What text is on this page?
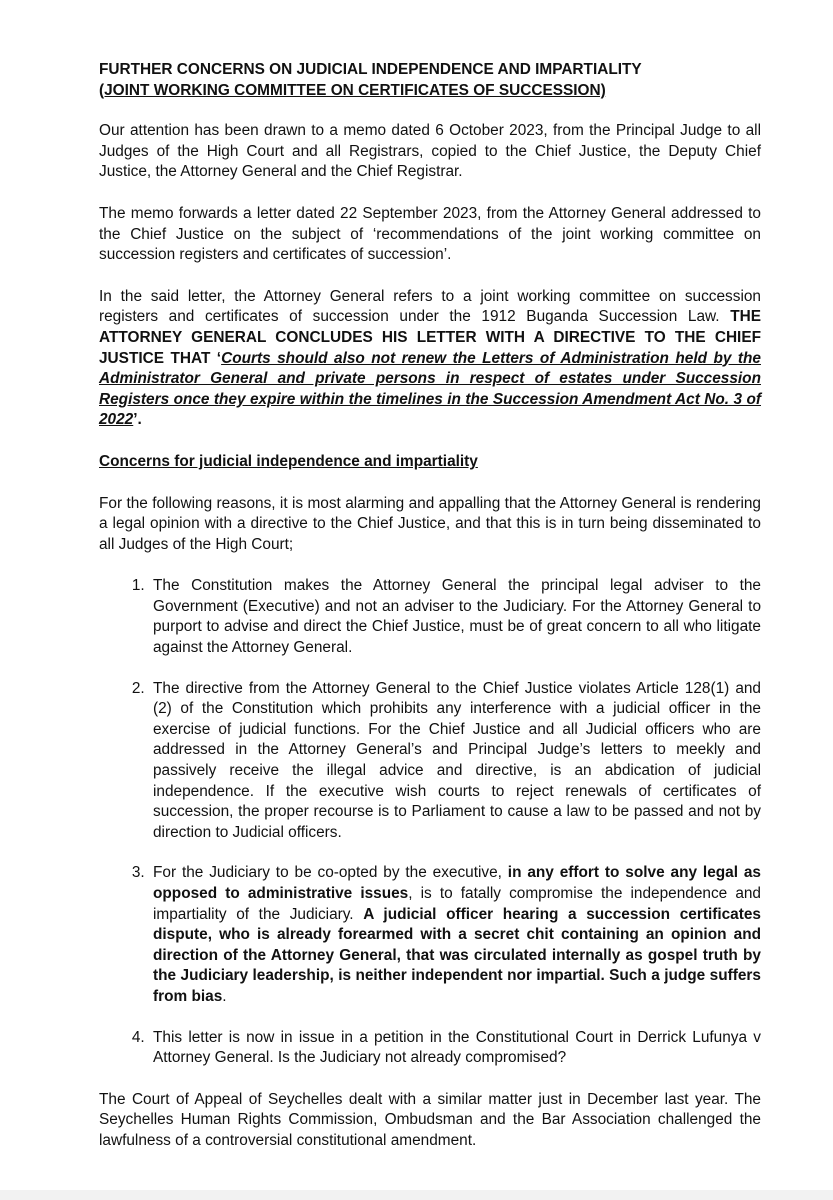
FURTHER CONCERNS ON JUDICIAL INDEPENDENCE AND IMPARTIALITY
(JOINT WORKING COMMITTEE ON CERTIFICATES OF SUCCESSION)

Our attention has been drawn to a memo dated 6 October 2023, from the Principal Judge to all Judges of the High Court and all Registrars, copied to the Chief Justice, the Deputy Chief Justice, the Attorney General and the Chief Registrar.

The memo forwards a letter dated 22 September 2023, from the Attorney General addressed to the Chief Justice on the subject of ‘recommendations of the joint working committee on succession registers and certificates of succession’.

In the said letter, the Attorney General refers to a joint working committee on succession registers and certificates of succession under the 1912 Buganda Succession Law. THE ATTORNEY GENERAL CONCLUDES HIS LETTER WITH A DIRECTIVE TO THE CHIEF JUSTICE THAT ‘Courts should also not renew the Letters of Administration held by the Administrator General and private persons in respect of estates under Succession Registers once they expire within the timelines in the Succession Amendment Act No. 3 of 2022’.

Concerns for judicial independence and impartiality

For the following reasons, it is most alarming and appalling that the Attorney General is rendering a legal opinion with a directive to the Chief Justice, and that this is in turn being disseminated to all Judges of the High Court;

1. The Constitution makes the Attorney General the principal legal adviser to the Government (Executive) and not an adviser to the Judiciary. For the Attorney General to purport to advise and direct the Chief Justice, must be of great concern to all who litigate against the Attorney General.
2. The directive from the Attorney General to the Chief Justice violates Article 128(1) and (2) of the Constitution which prohibits any interference with a judicial officer in the exercise of judicial functions. For the Chief Justice and all Judicial officers who are addressed in the Attorney General’s and Principal Judge’s letters to meekly and passively receive the illegal advice and directive, is an abdication of judicial independence. If the executive wish courts to reject renewals of certificates of succession, the proper recourse is to Parliament to cause a law to be passed and not by direction to Judicial officers.
3. For the Judiciary to be co-opted by the executive, in any effort to solve any legal as opposed to administrative issues, is to fatally compromise the independence and impartiality of the Judiciary. A judicial officer hearing a succession certificates dispute, who is already forearmed with a secret chit containing an opinion and direction of the Attorney General, that was circulated internally as gospel truth by the Judiciary leadership, is neither independent nor impartial. Such a judge suffers from bias.
4. This letter is now in issue in a petition in the Constitutional Court in Derrick Lufunya v Attorney General. Is the Judiciary not already compromised?

The Court of Appeal of Seychelles dealt with a similar matter just in December last year. The Seychelles Human Rights Commission, Ombudsman and the Bar Association challenged the lawfulness of a controversial constitutional amendment.
